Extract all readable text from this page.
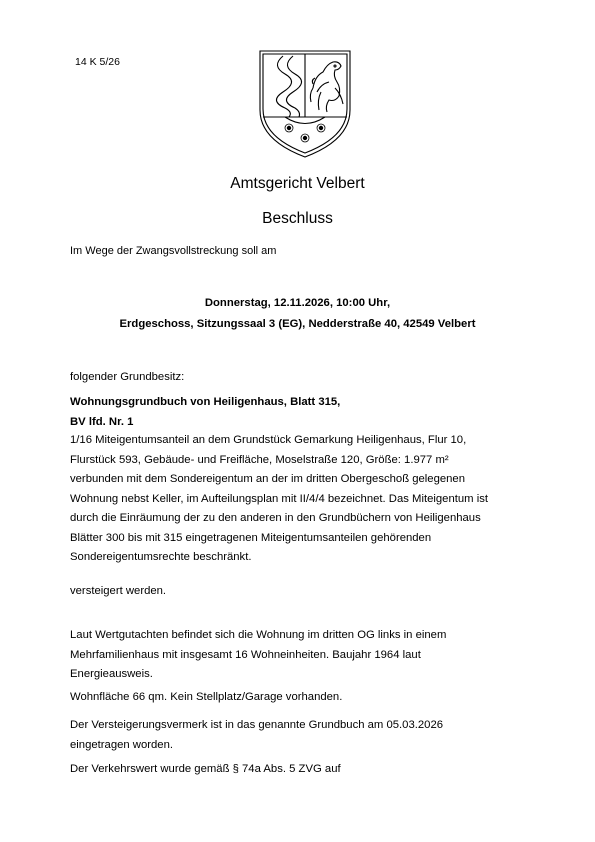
14 K 5/26
Amtsgericht Velbert
Beschluss
Im Wege der Zwangsvollstreckung soll am
Donnerstag, 12.11.2026, 10:00 Uhr,
Erdgeschoss, Sitzungssaal 3 (EG), Nedderstraße 40, 42549 Velbert
folgender Grundbesitz:
Wohnungsgrundbuch von Heiligenhaus, Blatt 315,
BV lfd. Nr. 1
1/16 Miteigentumsanteil an dem Grundstück Gemarkung Heiligenhaus, Flur 10,
Flurstück 593, Gebäude- und Freifläche, Moselstraße 120, Größe: 1.977 m²
verbunden mit dem Sondereigentum an der im dritten Obergeschoß gelegenen
Wohnung nebst Keller, im Aufteilungsplan mit II/4/4 bezeichnet. Das Miteigentum ist
durch die Einräumung der zu den anderen in den Grundbüchern von Heiligenhaus
Blätter 300 bis mit 315 eingetragenen Miteigentumsanteilen gehörenden
Sondereigentumsrechte beschränkt.
versteigert werden.
Laut Wertgutachten befindet sich die Wohnung im dritten OG links in einem
Mehrfamilienhaus mit insgesamt 16 Wohneinheiten. Baujahr 1964 laut
Energieausweis.
Wohnfläche 66 qm. Kein Stellplatz/Garage vorhanden.
Der Versteigerungsvermerk ist in das genannte Grundbuch am 05.03.2026
eingetragen worden.
Der Verkehrswert wurde gemäß § 74a Abs. 5 ZVG auf
